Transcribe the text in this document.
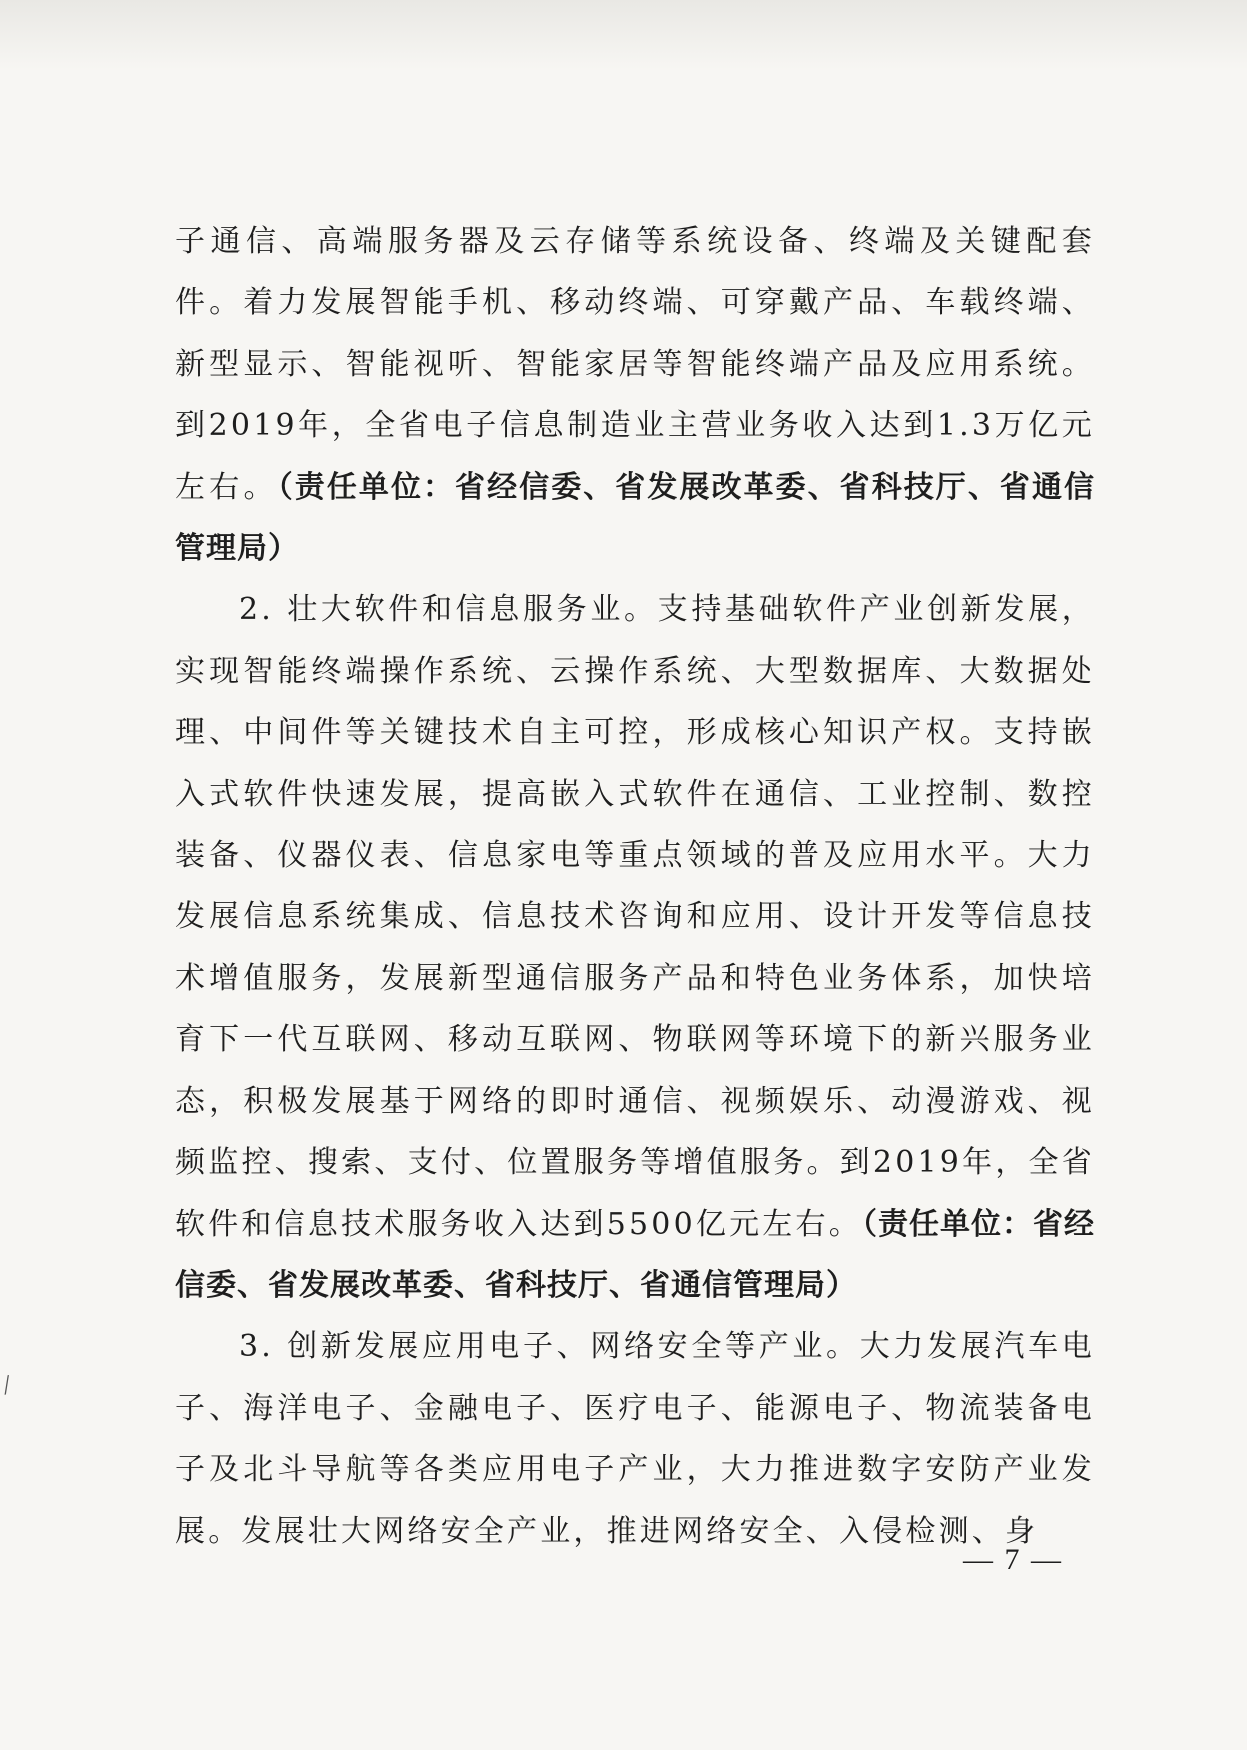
子通信、高端服务器及云存储等系统设备、终端及关键配套件。着力发展智能手机、移动终端、可穿戴产品、车载终端、新型显示、智能视听、智能家居等智能终端产品及应用系统。到2019年，全省电子信息制造业主营业务收入达到1.3万亿元左右。（责任单位：省经信委、省发展改革委、省科技厅、省通信管理局）

2. 壮大软件和信息服务业。支持基础软件产业创新发展，实现智能终端操作系统、云操作系统、大型数据库、大数据处理、中间件等关键技术自主可控，形成核心知识产权。支持嵌入式软件快速发展，提高嵌入式软件在通信、工业控制、数控装备、仪器仪表、信息家电等重点领域的普及应用水平。大力发展信息系统集成、信息技术咨询和应用、设计开发等信息技术增值服务，发展新型通信服务产品和特色业务体系，加快培育下一代互联网、移动互联网、物联网等环境下的新兴服务业态，积极发展基于网络的即时通信、视频娱乐、动漫游戏、视频监控、搜索、支付、位置服务等增值服务。到2019年，全省软件和信息技术服务收入达到5500亿元左右。（责任单位：省经信委、省发展改革委、省科技厅、省通信管理局）

3. 创新发展应用电子、网络安全等产业。大力发展汽车电子、海洋电子、金融电子、医疗电子、能源电子、物流装备电子及北斗导航等各类应用电子产业，大力推进数字安防产业发展。发展壮大网络安全产业，推进网络安全、入侵检测、身

— 7 —
/
